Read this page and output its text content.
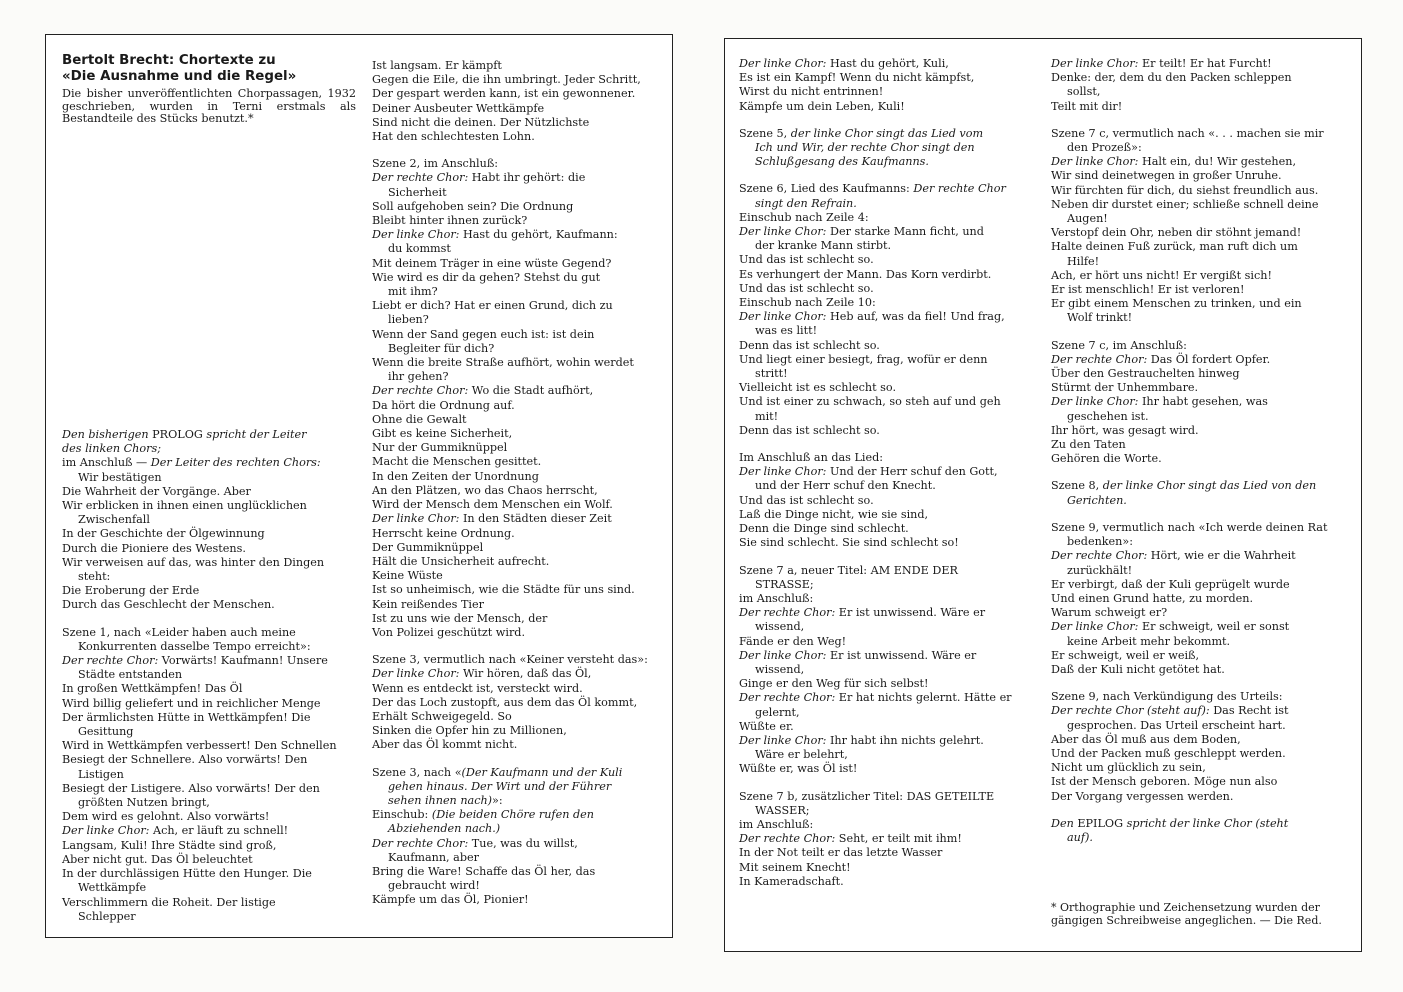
Bertolt Brecht: Chortexte zu

«Die Ausnahme und die Regel»

Die bisher unveröffentlichten Chorpassagen, 1932 geschrieben, wurden in Terni erstmals als Bestandteile des Stücks benutzt.*

Den bisherigen PROLOG spricht der Leiter

des linken Chors;

im Anschluß — Der Leiter des rechten Chors:

Wir bestätigen

Die Wahrheit der Vorgänge. Aber

Wir erblicken in ihnen einen unglücklichen

Zwischenfall

In der Geschichte der Ölgewinnung

Durch die Pioniere des Westens.

Wir verweisen auf das, was hinter den Dingen

steht:

Die Eroberung der Erde

Durch das Geschlecht der Menschen.

Szene 1, nach «Leider haben auch meine

Konkurrenten dasselbe Tempo erreicht»:

Der rechte Chor: Vorwärts! Kaufmann! Unsere

Städte entstanden

In großen Wettkämpfen! Das Öl

Wird billig geliefert und in reichlicher Menge

Der ärmlichsten Hütte in Wettkämpfen! Die

Gesittung

Wird in Wettkämpfen verbessert! Den Schnellen

Besiegt der Schnellere. Also vorwärts! Den

Listigen

Besiegt der Listigere. Also vorwärts! Der den

größten Nutzen bringt,

Dem wird es gelohnt. Also vorwärts!

Der linke Chor: Ach, er läuft zu schnell!

Langsam, Kuli! Ihre Städte sind groß,

Aber nicht gut. Das Öl beleuchtet

In der durchlässigen Hütte den Hunger. Die

Wettkämpfe

Verschlimmern die Roheit. Der listige

Schlepper

Ist langsam. Er kämpft

Gegen die Eile, die ihn umbringt. Jeder Schritt,

Der gespart werden kann, ist ein gewonnener.

Deiner Ausbeuter Wettkämpfe

Sind nicht die deinen. Der Nützlichste

Hat den schlechtesten Lohn.

Szene 2, im Anschluß:

Der rechte Chor: Habt ihr gehört: die

Sicherheit

Soll aufgehoben sein? Die Ordnung

Bleibt hinter ihnen zurück?

Der linke Chor: Hast du gehört, Kaufmann:

du kommst

Mit deinem Träger in eine wüste Gegend?

Wie wird es dir da gehen? Stehst du gut

mit ihm?

Liebt er dich? Hat er einen Grund, dich zu

lieben?

Wenn der Sand gegen euch ist: ist dein

Begleiter für dich?

Wenn die breite Straße aufhört, wohin werdet

ihr gehen?

Der rechte Chor: Wo die Stadt aufhört,

Da hört die Ordnung auf.

Ohne die Gewalt

Gibt es keine Sicherheit,

Nur der Gummiknüppel

Macht die Menschen gesittet.

In den Zeiten der Unordnung

An den Plätzen, wo das Chaos herrscht,

Wird der Mensch dem Menschen ein Wolf.

Der linke Chor: In den Städten dieser Zeit

Herrscht keine Ordnung.

Der Gummiknüppel

Hält die Unsicherheit aufrecht.

Keine Wüste

Ist so unheimisch, wie die Städte für uns sind.

Kein reißendes Tier

Ist zu uns wie der Mensch, der

Von Polizei geschützt wird.

Szene 3, vermutlich nach «Keiner versteht das»:

Der linke Chor: Wir hören, daß das Öl,

Wenn es entdeckt ist, versteckt wird.

Der das Loch zustopft, aus dem das Öl kommt,

Erhält Schweigegeld. So

Sinken die Opfer hin zu Millionen,

Aber das Öl kommt nicht.

Szene 3, nach «(Der Kaufmann und der Kuli

gehen hinaus. Der Wirt und der Führer

sehen ihnen nach)»:

Einschub: (Die beiden Chöre rufen den

Abziehenden nach.)

Der rechte Chor: Tue, was du willst,

Kaufmann, aber

Bring die Ware! Schaffe das Öl her, das

gebraucht wird!

Kämpfe um das Öl, Pionier!

Der linke Chor: Hast du gehört, Kuli,

Es ist ein Kampf! Wenn du nicht kämpfst,

Wirst du nicht entrinnen!

Kämpfe um dein Leben, Kuli!

Szene 5, der linke Chor singt das Lied vom

Ich und Wir, der rechte Chor singt den

Schlußgesang des Kaufmanns.

Szene 6, Lied des Kaufmanns: Der rechte Chor

singt den Refrain.

Einschub nach Zeile 4:

Der linke Chor: Der starke Mann ficht, und

der kranke Mann stirbt.

Und das ist schlecht so.

Es verhungert der Mann. Das Korn verdirbt.

Und das ist schlecht so.

Einschub nach Zeile 10:

Der linke Chor: Heb auf, was da fiel! Und frag,

was es litt!

Denn das ist schlecht so.

Und liegt einer besiegt, frag, wofür er denn

stritt!

Vielleicht ist es schlecht so.

Und ist einer zu schwach, so steh auf und geh

mit!

Denn das ist schlecht so.

Im Anschluß an das Lied:

Der linke Chor: Und der Herr schuf den Gott,

und der Herr schuf den Knecht.

Und das ist schlecht so.

Laß die Dinge nicht, wie sie sind,

Denn die Dinge sind schlecht.

Sie sind schlecht. Sie sind schlecht so!

Szene 7 a, neuer Titel: AM ENDE DER

STRASSE;

im Anschluß:

Der rechte Chor: Er ist unwissend. Wäre er

wissend,

Fände er den Weg!

Der linke Chor: Er ist unwissend. Wäre er

wissend,

Ginge er den Weg für sich selbst!

Der rechte Chor: Er hat nichts gelernt. Hätte er

gelernt,

Wüßte er.

Der linke Chor: Ihr habt ihn nichts gelehrt.

Wäre er belehrt,

Wüßte er, was Öl ist!

Szene 7 b, zusätzlicher Titel: DAS GETEILTE

WASSER;

im Anschluß:

Der rechte Chor: Seht, er teilt mit ihm!

In der Not teilt er das letzte Wasser

Mit seinem Knecht!

In Kameradschaft.

Der linke Chor: Er teilt! Er hat Furcht!

Denke: der, dem du den Packen schleppen

sollst,

Teilt mit dir!

Szene 7 c, vermutlich nach «. . . machen sie mir

den Prozeß»:

Der linke Chor: Halt ein, du! Wir gestehen,

Wir sind deinetwegen in großer Unruhe.

Wir fürchten für dich, du siehst freundlich aus.

Neben dir durstet einer; schließe schnell deine

Augen!

Verstopf dein Ohr, neben dir stöhnt jemand!

Halte deinen Fuß zurück, man ruft dich um

Hilfe!

Ach, er hört uns nicht! Er vergißt sich!

Er ist menschlich! Er ist verloren!

Er gibt einem Menschen zu trinken, und ein

Wolf trinkt!

Szene 7 c, im Anschluß:

Der rechte Chor: Das Öl fordert Opfer.

Über den Gestrauchelten hinweg

Stürmt der Unhemmbare.

Der linke Chor: Ihr habt gesehen, was

geschehen ist.

Ihr hört, was gesagt wird.

Zu den Taten

Gehören die Worte.

Szene 8, der linke Chor singt das Lied von den

Gerichten.

Szene 9, vermutlich nach «Ich werde deinen Rat

bedenken»:

Der rechte Chor: Hört, wie er die Wahrheit

zurückhält!

Er verbirgt, daß der Kuli geprügelt wurde

Und einen Grund hatte, zu morden.

Warum schweigt er?

Der linke Chor: Er schweigt, weil er sonst

keine Arbeit mehr bekommt.

Er schweigt, weil er weiß,

Daß der Kuli nicht getötet hat.

Szene 9, nach Verkündigung des Urteils:

Der rechte Chor (steht auf): Das Recht ist

gesprochen. Das Urteil erscheint hart.

Aber das Öl muß aus dem Boden,

Und der Packen muß geschleppt werden.

Nicht um glücklich zu sein,

Ist der Mensch geboren. Möge nun also

Der Vorgang vergessen werden.

Den EPILOG spricht der linke Chor (steht

auf).

* Orthographie und Zeichensetzung wurden der

gängigen Schreibweise angeglichen. — Die Red.
